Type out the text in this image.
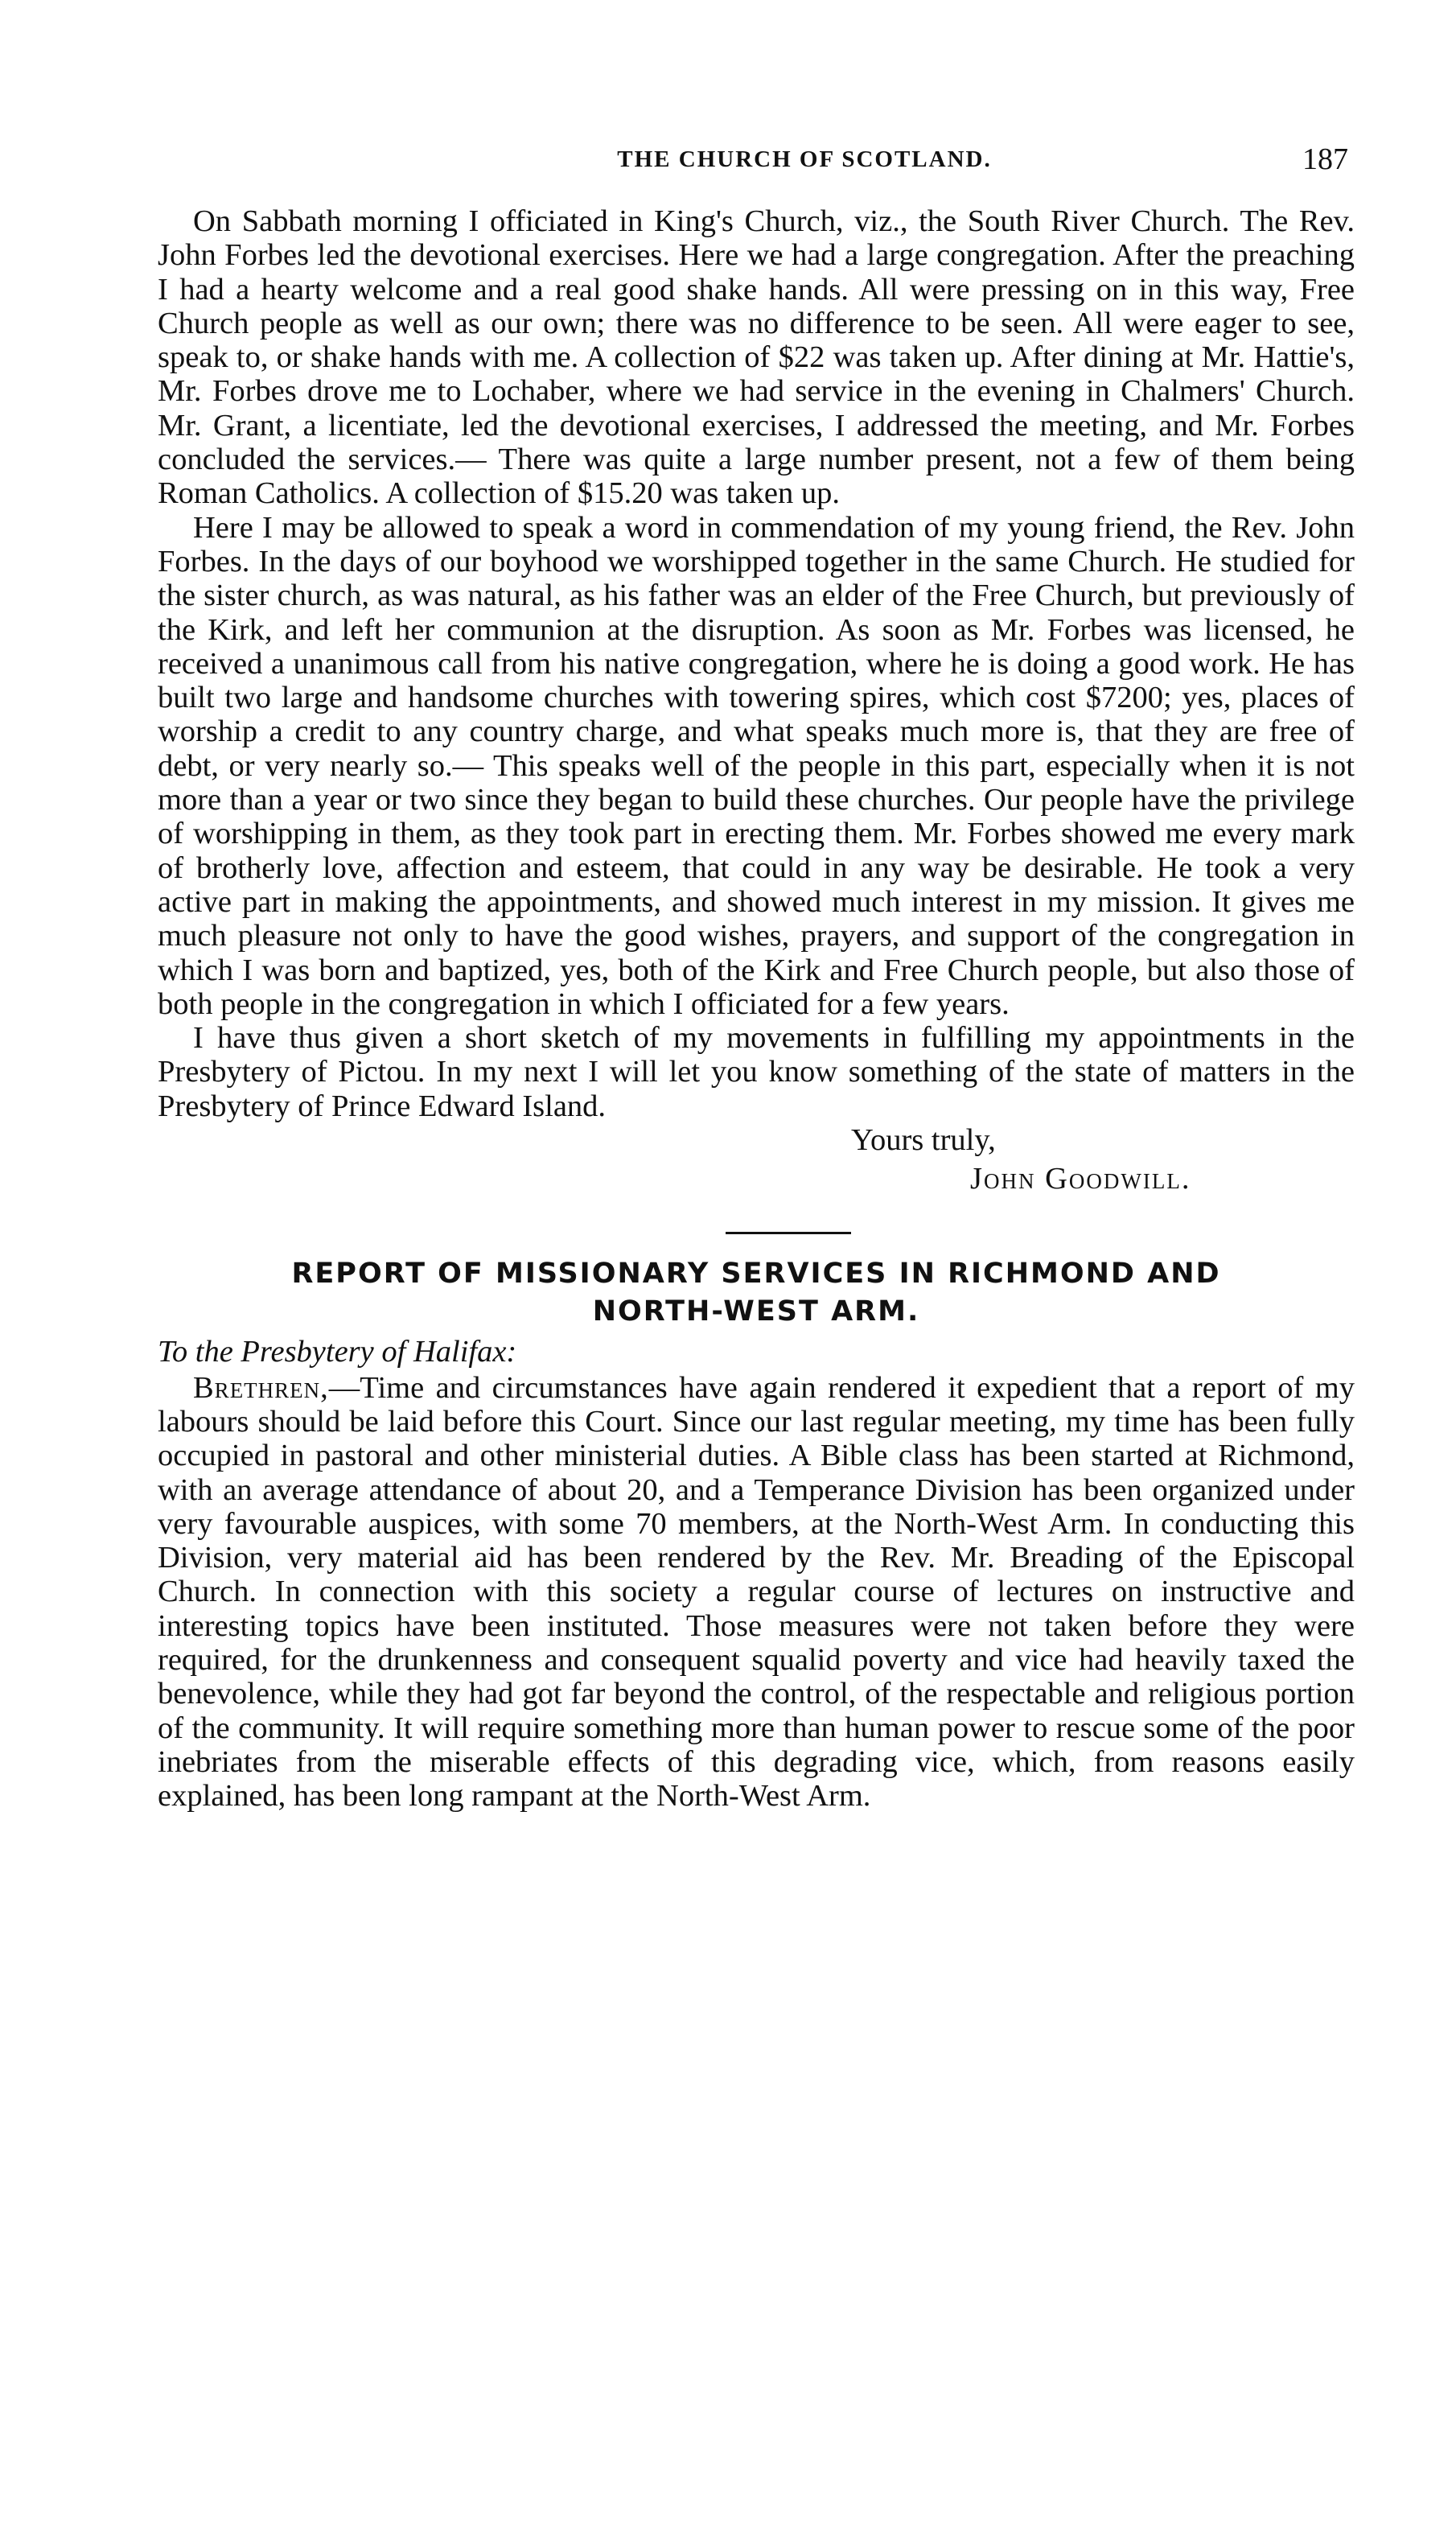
THE CHURCH OF SCOTLAND.	187

On Sabbath morning I officiated in King's Church, viz., the South River Church. The Rev. John Forbes led the devotional exercises. Here we had a large congregation. After the preaching I had a hearty welcome and a real good shake hands. All were pressing on in this way, Free Church people as well as our own; there was no difference to be seen. All were eager to see, speak to, or shake hands with me. A collection of $22 was taken up. After dining at Mr. Hattie's, Mr. Forbes drove me to Lochaber, where we had service in the evening in Chalmers' Church. Mr. Grant, a licentiate, led the devotional exercises, I addressed the meeting, and Mr. Forbes concluded the services.— There was quite a large number present, not a few of them being Roman Catholics. A collection of $15.20 was taken up.

Here I may be allowed to speak a word in commendation of my young friend, the Rev. John Forbes. In the days of our boyhood we worshipped together in the same Church. He studied for the sister church, as was natural, as his father was an elder of the Free Church, but previously of the Kirk, and left her communion at the disruption. As soon as Mr. Forbes was licensed, he received a unanimous call from his native congregation, where he is doing a good work. He has built two large and handsome churches with towering spires, which cost $7200; yes, places of worship a credit to any country charge, and what speaks much more is, that they are free of debt, or very nearly so.— This speaks well of the people in this part, especially when it is not more than a year or two since they began to build these churches. Our people have the privilege of worshipping in them, as they took part in erecting them. Mr. Forbes showed me every mark of brotherly love, affection and esteem, that could in any way be desirable. He took a very active part in making the appointments, and showed much interest in my mission. It gives me much pleasure not only to have the good wishes, prayers, and support of the congregation in which I was born and baptized, yes, both of the Kirk and Free Church people, but also those of both people in the congregation in which I officiated for a few years.

I have thus given a short sketch of my movements in fulfilling my appointments in the Presbytery of Pictou. In my next I will let you know something of the state of matters in the Presbytery of Prince Edward Island.

Yours truly,
John Goodwill.
REPORT OF MISSIONARY SERVICES IN RICHMOND AND
NORTH-WEST ARM.
To the Presbytery of Halifax:

Brethren,—Time and circumstances have again rendered it expedient that a report of my labours should be laid before this Court. Since our last regular meeting, my time has been fully occupied in pastoral and other ministerial duties. A Bible class has been started at Richmond, with an average attendance of about 20, and a Temperance Division has been organized under very favourable auspices, with some 70 members, at the North-West Arm. In conducting this Division, very material aid has been rendered by the Rev. Mr. Breading of the Episcopal Church. In connection with this society a regular course of lectures on instructive and interesting topics have been instituted. Those measures were not taken before they were required, for the drunkenness and consequent squalid poverty and vice had heavily taxed the benevolence, while they had got far beyond the control, of the respectable and religious portion of the community. It will require something more than human power to rescue some of the poor inebriates from the miserable effects of this degrading vice, which, from reasons easily explained, has been long rampant at the North-West Arm.
